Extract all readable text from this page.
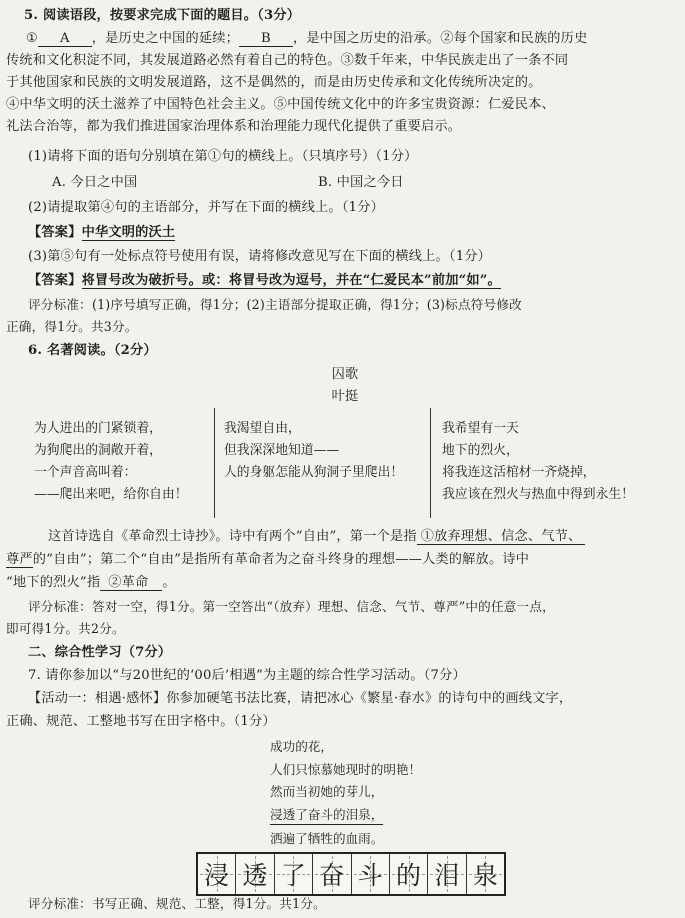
5. 阅读语段，按要求完成下面的题目。（3分）
① A ，是历史之中国的延续； B ，是中国之历史的沿承。②每个国家和民族的历史
传统和文化积淀不同，其发展道路必然有着自己的特色。③数千年来，中华民族走出了一条不同
于其他国家和民族的文明发展道路，这不是偶然的，而是由历史传承和文化传统所决定的。
④中华文明的沃土滋养了中国特色社会主义。⑤中国传统文化中的许多宝贵资源：仁爱民本、
礼法合治等，都为我们推进国家治理体系和治理能力现代化提供了重要启示。
(1)请将下面的语句分别填在第①句的横线上。（只填序号）（1分）
A. 今日之中国	B. 中国之今日
(2)请提取第④句的主语部分，并写在下面的横线上。（1分）
【答案】中华文明的沃土
(3)第⑤句有一处标点符号使用有误，请将修改意见写在下面的横线上。（1分）
【答案】将冒号改为破折号。或：将冒号改为逗号，并在“仁爱民本”前加“如”。
评分标准：(1)序号填写正确，得1分；(2)主语部分提取正确，得1分；(3)标点符号修改
正确，得1分。共3分。
6. 名著阅读。（2分）
囚歌
叶挺
为人进出的门紧锁着，
为狗爬出的洞敞开着，
一个声音高叫着：
——爬出来吧，给你自由！
我渴望自由，
但我深深地知道——
人的身躯怎能从狗洞子里爬出！
我希望有一天
地下的烈火，
将我连这活棺材一齐烧掉，
我应该在烈火与热血中得到永生！
这首诗选自《革命烈士诗抄》。诗中有两个“自由”，第一个是指 ①放弃理想、信念、气节、
尊严的“自由”；第二个“自由”是指所有革命者为之奋斗终身的理想——人类的解放。诗中
“地下的烈火”指 ②革命 。
评分标准：答对一空，得1分。第一空答出“（放弃）理想、信念、气节、尊严”中的任意一点，
即可得1分。共2分。
二、综合性学习（7分）
7. 请你参加以“与20世纪的‘00后’相遇”为主题的综合性学习活动。（7分）
【活动一：相遇·感怀】你参加硬笔书法比赛，请把冰心《繁星·春水》的诗句中的画线文字，
正确、规范、工整地书写在田字格中。（1分）
成功的花，
人们只惊慕她现时的明艳！
然而当初她的芽儿，
浸透了奋斗的泪泉，
洒遍了牺牲的血雨。
浸 透 了 奋 斗 的 泪 泉
评分标准：书写正确、规范、工整，得1分。共1分。
